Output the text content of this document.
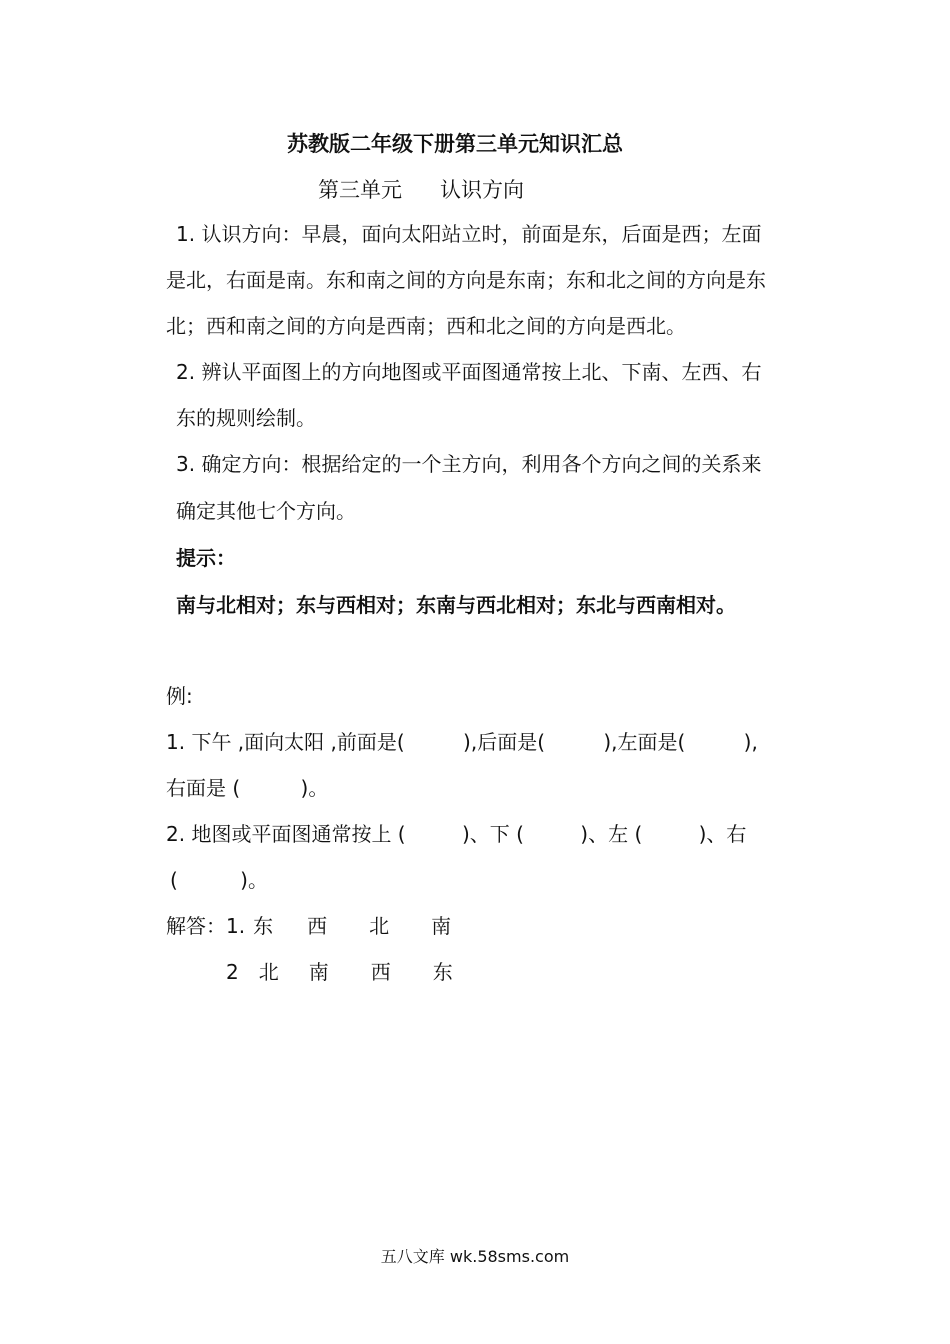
苏教版二年级下册第三单元知识汇总
第三单元 认识方向
1. 认识方向：早晨，面向太阳站立时，前面是东，后面是西；左面
是北，右面是南。东和南之间的方向是东南；东和北之间的方向是东
北；西和南之间的方向是西南；西和北之间的方向是西北。
2. 辨认平面图上的方向地图或平面图通常按上北、下南、左西、右
东的规则绘制。
3. 确定方向：根据给定的一个主方向，利用各个方向之间的关系来
确定其他七个方向。
提示：
南与北相对；东与西相对；东南与西北相对；东北与西南相对。
例:
1. 下午 ,面向太阳 ,前面是(	),后面是(	),左面是(	),
右面是 (	)。
2. 地图或平面图通常按上 (	)、下 (	)、左 (	)、右
(	)。
解答：1. 东 西 北 南
2 北 南 西 东
五八文库 wk.58sms.com
